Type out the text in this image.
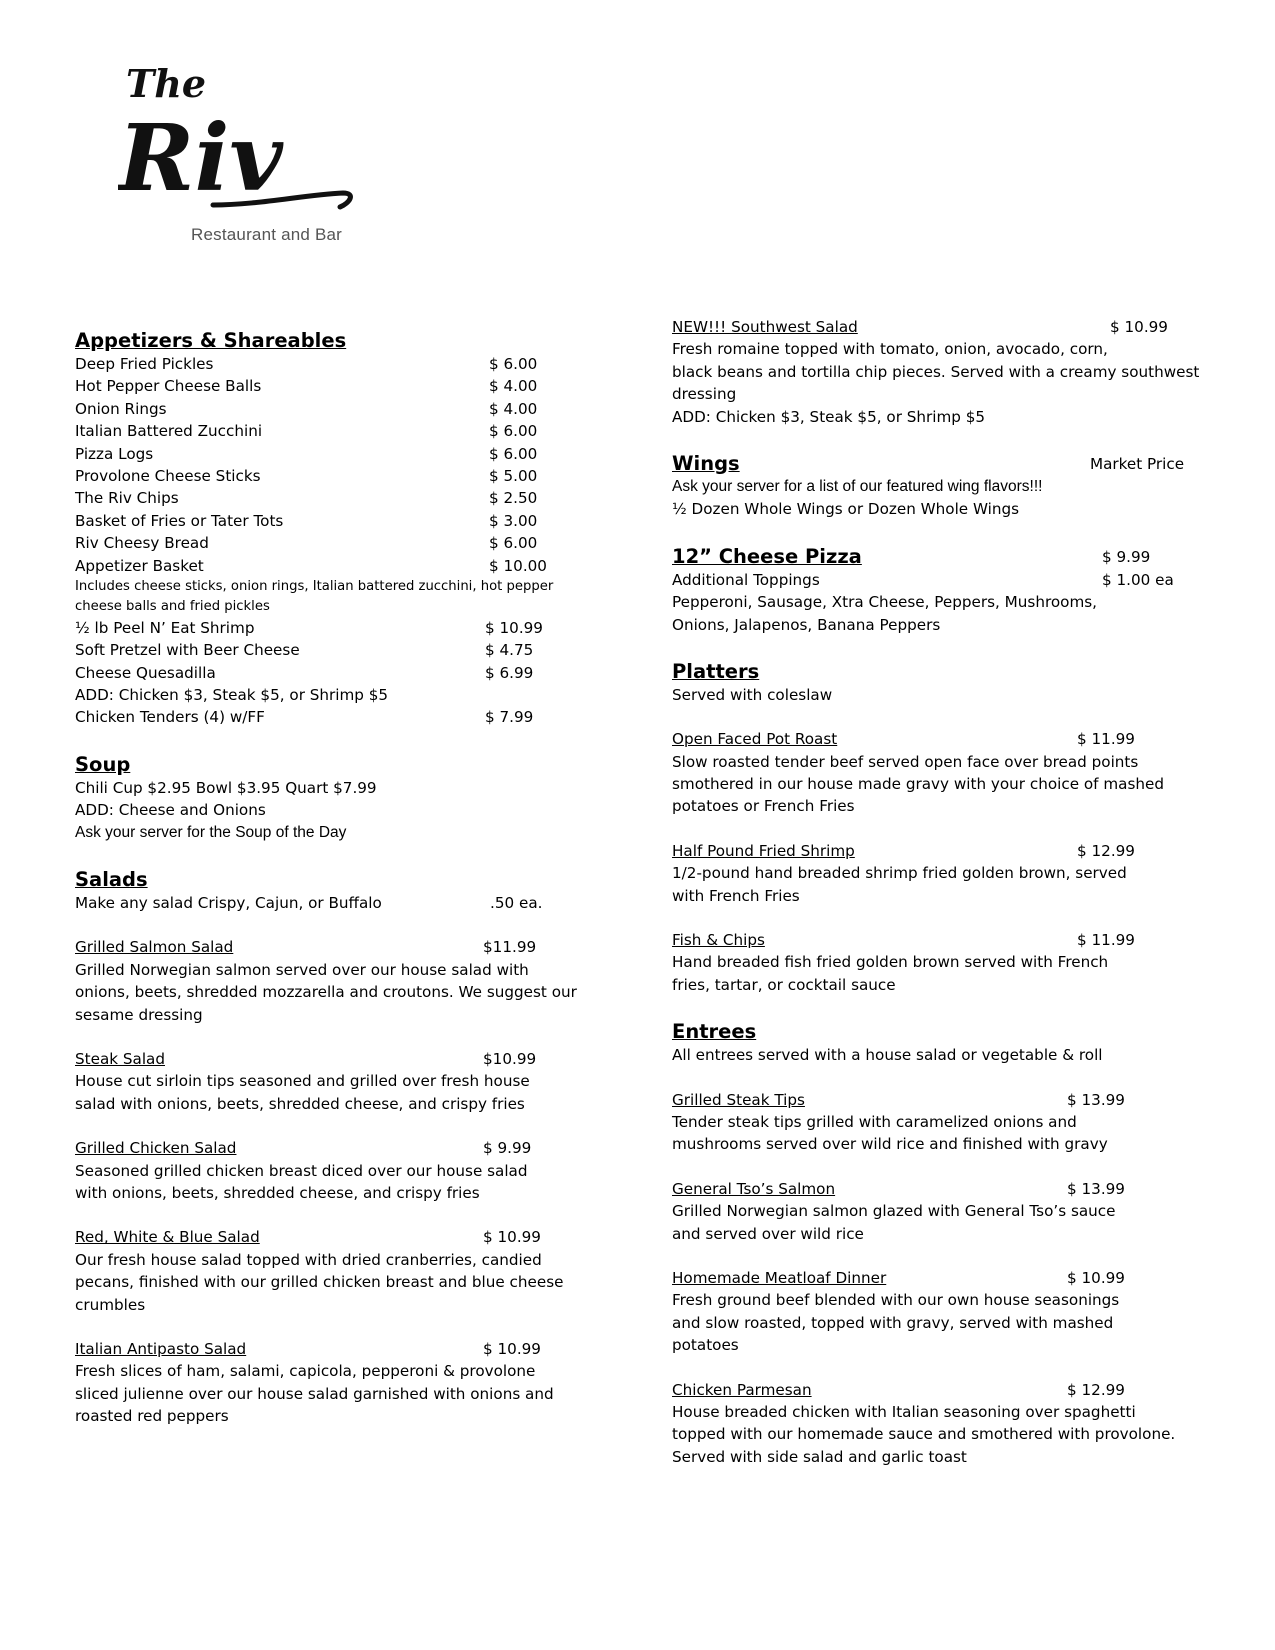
The
Riv
Restaurant and Bar
Appetizers & Shareables
Deep Fried Pickles	$ 6.00
Hot Pepper Cheese Balls	$ 4.00
Onion Rings	$ 4.00
Italian Battered Zucchini	$ 6.00
Pizza Logs	$ 6.00
Provolone Cheese Sticks	$ 5.00
The Riv Chips	$ 2.50
Basket of Fries or Tater Tots	$ 3.00
Riv Cheesy Bread	$ 6.00
Appetizer Basket	$ 10.00
Includes cheese sticks, onion rings, Italian battered zucchini, hot pepper
cheese balls and fried pickles
½ lb Peel N’ Eat Shrimp	$ 10.99
Soft Pretzel with Beer Cheese	$ 4.75
Cheese Quesadilla	$ 6.99
ADD: Chicken $3, Steak $5, or Shrimp $5
Chicken Tenders (4) w/FF	$ 7.99
Soup
Chili Cup $2.95 Bowl $3.95 Quart $7.99
ADD: Cheese and Onions
Ask your server for the Soup of the Day
Salads
Make any salad Crispy, Cajun, or Buffalo	.50 ea.
Grilled Salmon Salad	$11.99
Grilled Norwegian salmon served over our house salad with
onions, beets, shredded mozzarella and croutons. We suggest our
sesame dressing
Steak Salad	$10.99
House cut sirloin tips seasoned and grilled over fresh house
salad with onions, beets, shredded cheese, and crispy fries
Grilled Chicken Salad	$ 9.99
Seasoned grilled chicken breast diced over our house salad
with onions, beets, shredded cheese, and crispy fries
Red, White & Blue Salad	$ 10.99
Our fresh house salad topped with dried cranberries, candied
pecans, finished with our grilled chicken breast and blue cheese
crumbles
Italian Antipasto Salad	$ 10.99
Fresh slices of ham, salami, capicola, pepperoni & provolone
sliced julienne over our house salad garnished with onions and
roasted red peppers
NEW!!! Southwest Salad	$ 10.99
Fresh romaine topped with tomato, onion, avocado, corn,
black beans and tortilla chip pieces. Served with a creamy southwest
dressing
ADD: Chicken $3, Steak $5, or Shrimp $5
Wings	Market Price
Ask your server for a list of our featured wing flavors!!!
½ Dozen Whole Wings or Dozen Whole Wings
12” Cheese Pizza	$ 9.99
Additional Toppings	$ 1.00 ea
Pepperoni, Sausage, Xtra Cheese, Peppers, Mushrooms,
Onions, Jalapenos, Banana Peppers
Platters
Served with coleslaw
Open Faced Pot Roast	$ 11.99
Slow roasted tender beef served open face over bread points
smothered in our house made gravy with your choice of mashed
potatoes or French Fries
Half Pound Fried Shrimp	$ 12.99
1/2-pound hand breaded shrimp fried golden brown, served
with French Fries
Fish & Chips	$ 11.99
Hand breaded fish fried golden brown served with French
fries, tartar, or cocktail sauce
Entrees
All entrees served with a house salad or vegetable & roll
Grilled Steak Tips	$ 13.99
Tender steak tips grilled with caramelized onions and
mushrooms served over wild rice and finished with gravy
General Tso’s Salmon	$ 13.99
Grilled Norwegian salmon glazed with General Tso’s sauce
and served over wild rice
Homemade Meatloaf Dinner	$ 10.99
Fresh ground beef blended with our own house seasonings
and slow roasted, topped with gravy, served with mashed
potatoes
Chicken Parmesan	$ 12.99
House breaded chicken with Italian seasoning over spaghetti
topped with our homemade sauce and smothered with provolone.
Served with side salad and garlic toast
